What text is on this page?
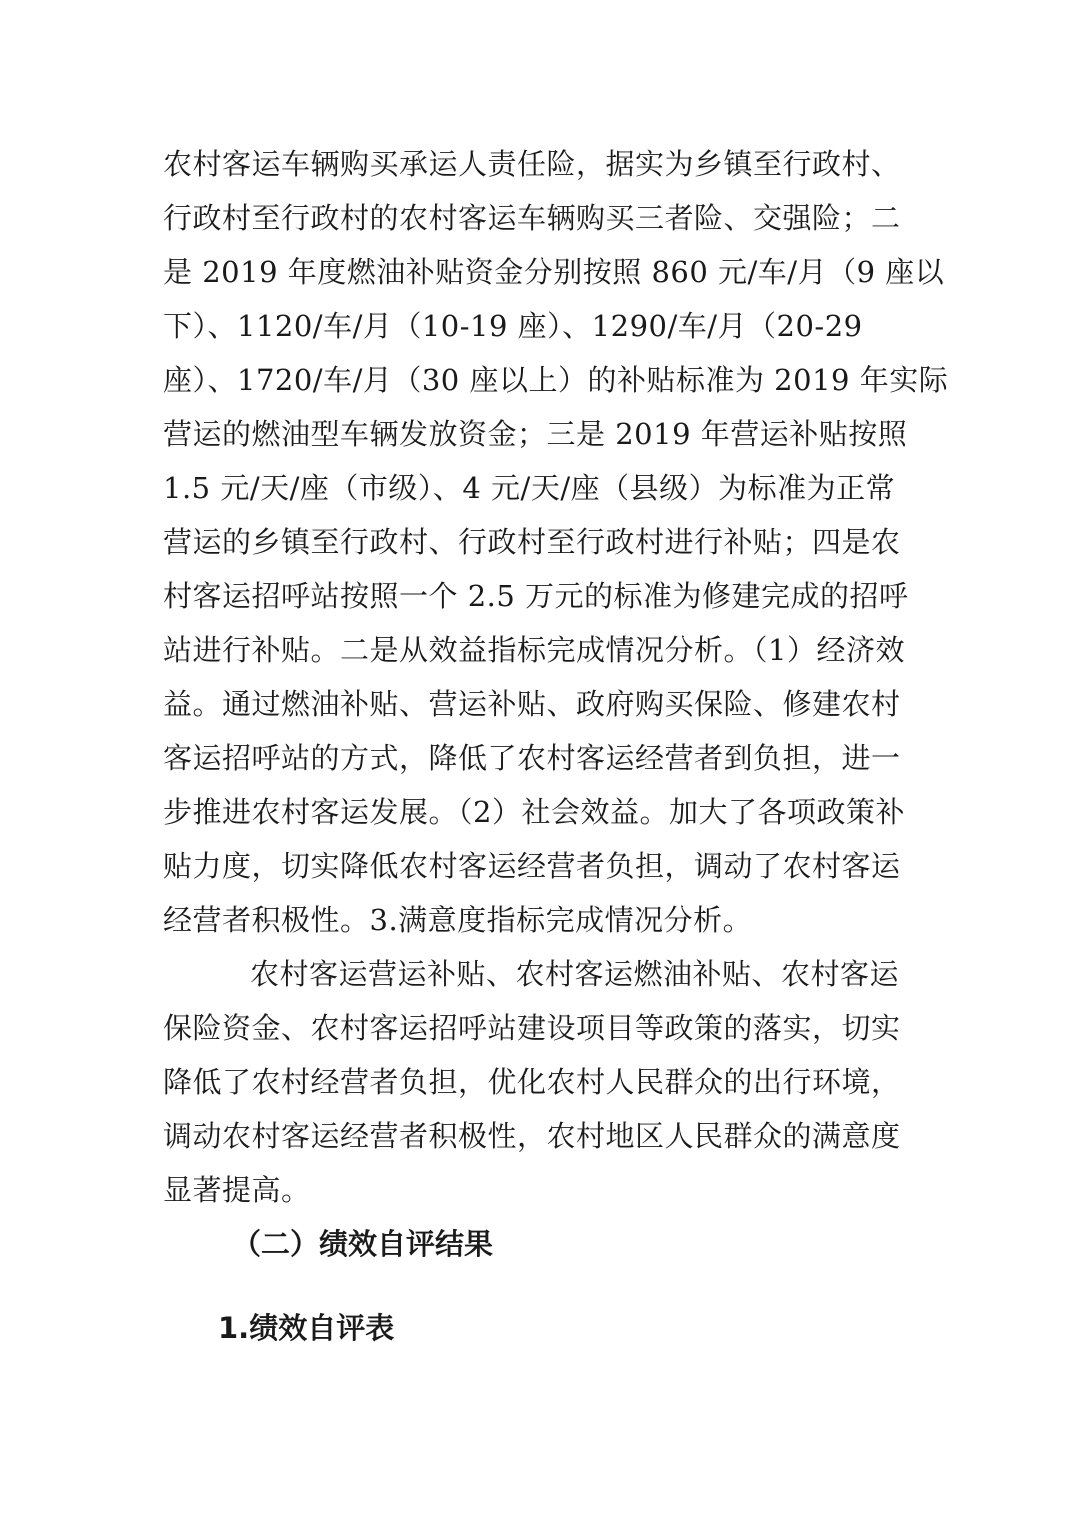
农村客运车辆购买承运人责任险，据实为乡镇至行政村、
行政村至行政村的农村客运车辆购买三者险、交强险；二
是 2019 年度燃油补贴资金分别按照 860 元/车/月（9 座以
下）、1120/车/月（10-19 座）、1290/车/月（20-29
座）、1720/车/月（30 座以上）的补贴标准为 2019 年实际
营运的燃油型车辆发放资金；三是 2019 年营运补贴按照
1.5 元/天/座（市级）、4 元/天/座（县级）为标准为正常
营运的乡镇至行政村、行政村至行政村进行补贴；四是农
村客运招呼站按照一个 2.5 万元的标准为修建完成的招呼
站进行补贴。二是从效益指标完成情况分析。（1）经济效
益。通过燃油补贴、营运补贴、政府购买保险、修建农村
客运招呼站的方式，降低了农村客运经营者到负担，进一
步推进农村客运发展。（2）社会效益。加大了各项政策补
贴力度，切实降低农村客运经营者负担，调动了农村客运
经营者积极性。3.满意度指标完成情况分析。
农村客运营运补贴、农村客运燃油补贴、农村客运
保险资金、农村客运招呼站建设项目等政策的落实，切实
降低了农村经营者负担，优化农村人民群众的出行环境，
调动农村客运经营者积极性，农村地区人民群众的满意度
显著提高。
（二）绩效自评结果
1.绩效自评表
